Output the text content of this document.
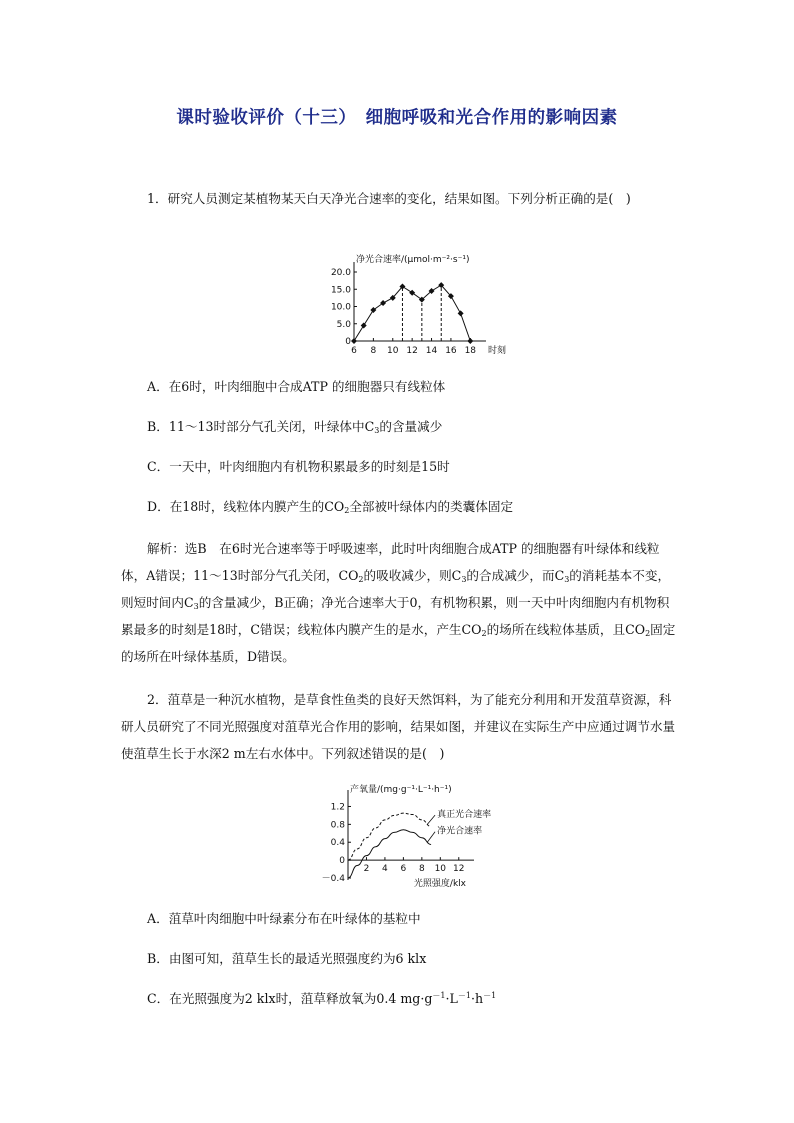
课时验收评价（十三）　细胞呼吸和光合作用的影响因素

1．研究人员测定某植物某天白天净光合速率的变化，结果如图。下列分析正确的是(　)

净光合速率/(μmol·m⁻²·s⁻¹)
时刻
0
5.0
10.0
15.0
20.0
6 8 10 12 14 16 18

A．在6时，叶肉细胞中合成ATP 的细胞器只有线粒体

B．11～13时部分气孔关闭，叶绿体中$C_3$的含量减少

C．一天中，叶肉细胞内有机物积累最多的时刻是15时

D．在18时，线粒体内膜产生的$CO_2$全部被叶绿体内的类囊体固定

解析：选B　在6时光合速率等于呼吸速率，此时叶肉细胞合成ATP 的细胞器有叶绿体和线粒体，A错误；11～13时部分气孔关闭，$CO_2$的吸收减少，则$C_3$的合成减少，而$C_3$的消耗基本不变，则短时间内$C_3$的含量减少，B正确；净光合速率大于0，有机物积累，则一天中叶肉细胞内有机物积累最多的时刻是18时，C错误；线粒体内膜产生的是水，产生$CO_2$的场所在线粒体基质，且$CO_2$固定的场所在叶绿体基质，D错误。

2．菹草是一种沉水植物，是草食性鱼类的良好天然饵料，为了能充分利用和开发菹草资源，科研人员研究了不同光照强度对菹草光合作用的影响，结果如图，并建议在实际生产中应通过调节水量使菹草生长于水深2 m左右水体中。下列叙述错误的是(　)

产氧量/(mg·g⁻¹·L⁻¹·h⁻¹)
光照强度/klx
－0.4
0
0.4
0.8
1.2
2 4 6 8 10 12
真正光合速率
净光合速率

A．菹草叶肉细胞中叶绿素分布在叶绿体的基粒中

B．由图可知，菹草生长的最适光照强度约为6 klx

C．在光照强度为2 klx时，菹草释放氧为0.4 $mg\cdot g^{-1}\cdot L^{-1}\cdot h^{-1}$
